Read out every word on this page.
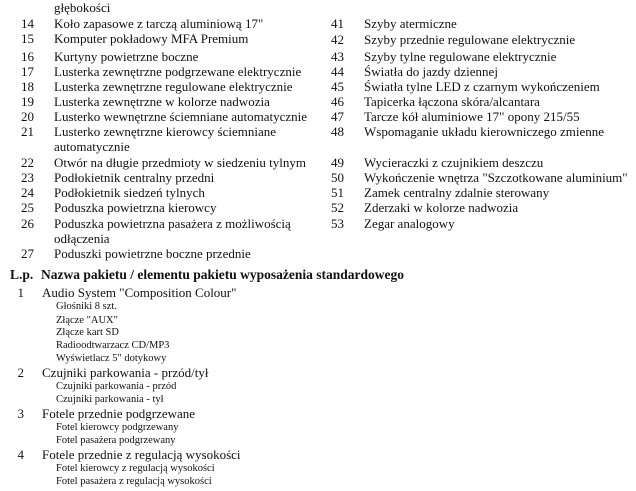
głębokości
14 Koło zapasowe z tarczą aluminiową 17"
15 Komputer pokładowy MFA Premium
16 Kurtyny powietrzne boczne
17 Lusterka zewnętrzne podgrzewane elektrycznie
18 Lusterka zewnętrzne regulowane elektrycznie
19 Lusterka zewnętrzne w kolorze nadwozia
20 Lusterko wewnętrzne ściemniane automatycznie
21 Lusterko zewnętrzne kierowcy ściemniane
automatycznie
22 Otwór na długie przedmioty w siedzeniu tylnym
23 Podłokietnik centralny przedni
24 Podłokietnik siedzeń tylnych
25 Poduszka powietrzna kierowcy
26 Poduszka powietrzna pasażera z możliwością
odłączenia
27 Poduszki powietrzne boczne przednie
41 Szyby atermiczne
42 Szyby przednie regulowane elektrycznie
43 Szyby tylne regulowane elektrycznie
44 Światła do jazdy dziennej
45 Światła tylne LED z czarnym wykończeniem
46 Tapicerka łączona skóra/alcantara
47 Tarcze kół aluminiowe 17" opony 215/55
48 Wspomaganie układu kierowniczego zmienne
49 Wycieraczki z czujnikiem deszczu
50 Wykończenie wnętrza "Szczotkowane aluminium"
51 Zamek centralny zdalnie sterowany
52 Zderzaki w kolorze nadwozia
53 Zegar analogowy
L.p. Nazwa pakietu / elementu pakietu wyposażenia standardowego
1 Audio System "Composition Colour"
Głośniki 8 szt.
Złącze "AUX"
Złącze kart SD
Radioodtwarzacz CD/MP3
Wyświetlacz 5" dotykowy
2 Czujniki parkowania - przód/tył
Czujniki parkowania - przód
Czujniki parkowania - tył
3 Fotele przednie podgrzewane
Fotel kierowcy podgrzewany
Fotel pasażera podgrzewany
4 Fotele przednie z regulacją wysokości
Fotel kierowcy z regulacją wysokości
Fotel pasażera z regulacją wysokości
